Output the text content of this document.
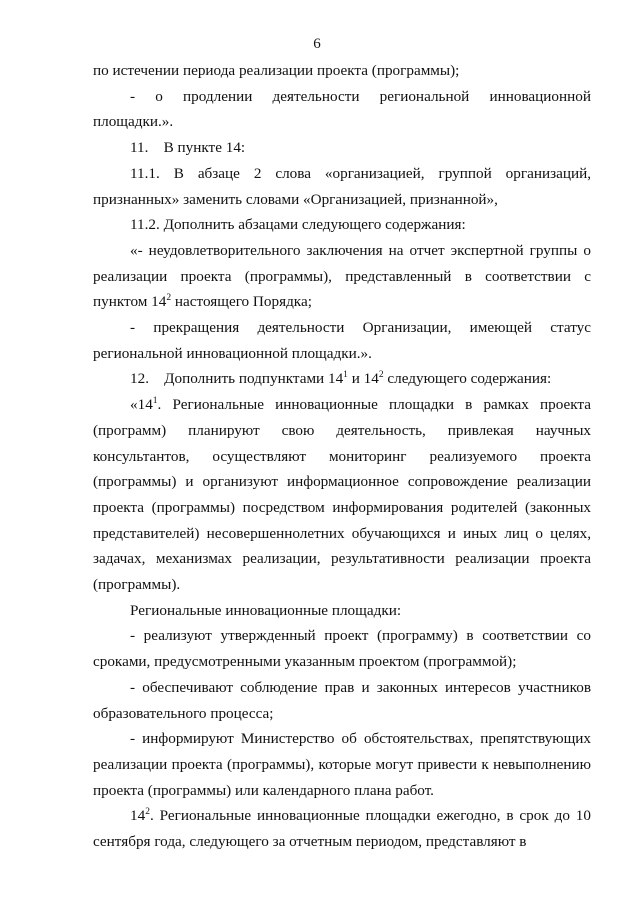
6

по истечении периода реализации проекта (программы);

- о продлении деятельности региональной инновационной площадки.».

11. В пункте 14:

11.1. В абзаце 2 слова «организацией, группой организаций, признанных» заменить словами «Организацией, признанной»,

11.2. Дополнить абзацами следующего содержания:

«- неудовлетворительного заключения на отчет экспертной группы о реализации проекта (программы), представленный в соответствии с пунктом $14^2$ настоящего Порядка;

- прекращения деятельности Организации, имеющей статус региональной инновационной площадки.».

12. Дополнить подпунктами $14^1$ и $14^2$ следующего содержания:

«$14^1$. Региональные инновационные площадки в рамках проекта (программ) планируют свою деятельность, привлекая научных консультантов, осуществляют мониторинг реализуемого проекта (программы) и организуют информационное сопровождение реализации проекта (программы) посредством информирования родителей (законных представителей) несовершеннолетних обучающихся и иных лиц о целях, задачах, механизмах реализации, результативности реализации проекта (программы).

Региональные инновационные площадки:

- реализуют утвержденный проект (программу) в соответствии со сроками, предусмотренными указанным проектом (программой);

- обеспечивают соблюдение прав и законных интересов участников образовательного процесса;

- информируют Министерство об обстоятельствах, препятствующих реализации проекта (программы), которые могут привести к невыполнению проекта (программы) или календарного плана работ.

$14^2$. Региональные инновационные площадки ежегодно, в срок до 10 сентября года, следующего за отчетным периодом, представляют в
